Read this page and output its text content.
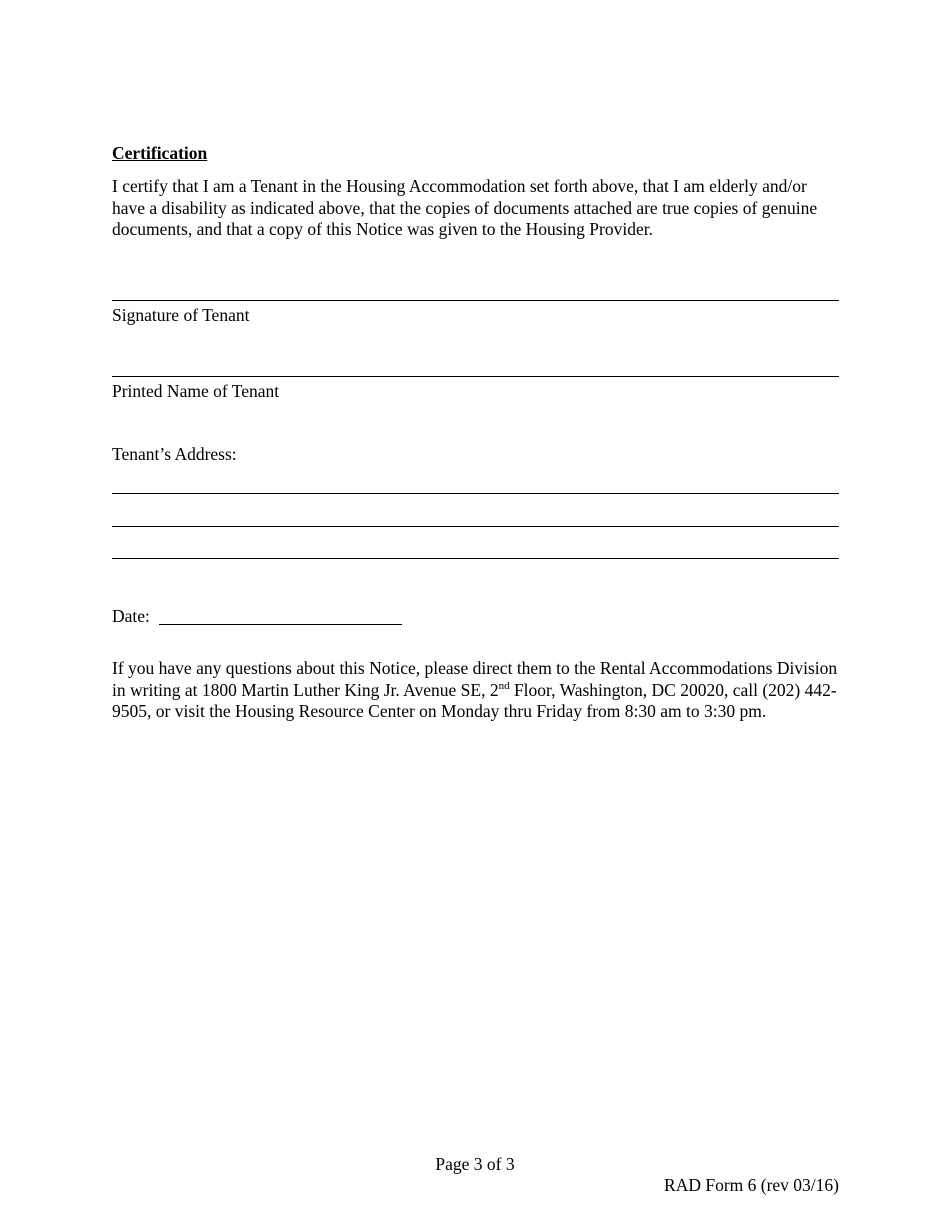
Certification
I certify that I am a Tenant in the Housing Accommodation set forth above, that I am elderly and/or have a disability as indicated above, that the copies of documents attached are true copies of genuine documents, and that a copy of this Notice was given to the Housing Provider.
Signature of Tenant
Printed Name of Tenant
Tenant’s Address:
Date:
If you have any questions about this Notice, please direct them to the Rental Accommodations Division in writing at 1800 Martin Luther King Jr. Avenue SE, 2nd Floor, Washington, DC 20020, call (202) 442-9505, or visit the Housing Resource Center on Monday thru Friday from 8:30 am to 3:30 pm.
Page 3 of 3
RAD Form 6 (rev 03/16)
